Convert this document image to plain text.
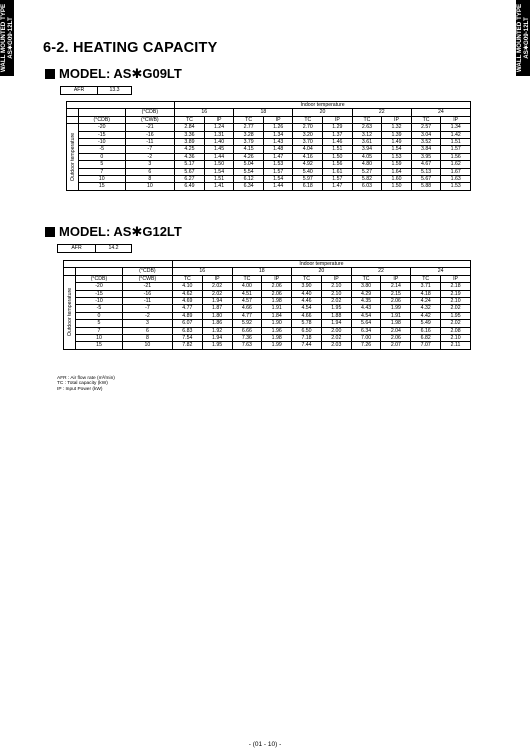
WALL MOUNTED TYPE AS✱G09-12LT	WALL MOUNTED TYPE AS✱G09-12LT
6-2. HEATING CAPACITY
MODEL: AS✱G09LT
AFR	13.3
			Indoor temperature									
		(°CDB)	16		18		20		22		24	
	(°CDB)	(°CWB)	TC	IP	TC	IP	TC	IP	TC	IP	TC	IP

Outdoor temperature	-20	-21	2.84	1.24	2.77	1.26	2.70	1.29	2.63	1.32	2.57	1.34
	-15	-16	3.36	1.31	3.28	1.34	3.20	1.37	3.12	1.39	3.04	1.42
	-10	-11	3.89	1.40	3.79	1.43	3.70	1.46	3.61	1.49	3.52	1.51
	-5	-7	4.25	1.45	4.15	1.48	4.04	1.51	3.94	1.54	3.84	1.57
	0	-2	4.36	1.44	4.26	1.47	4.16	1.50	4.05	1.53	3.95	1.56
	5	3	5.17	1.50	5.04	1.53	4.92	1.56	4.80	1.59	4.67	1.62
	7	6	5.67	1.54	5.54	1.57	5.40	1.61	5.27	1.64	5.13	1.67
	10	8	6.27	1.51	6.12	1.54	5.97	1.57	5.82	1.60	5.67	1.63
	15	10	6.49	1.41	6.34	1.44	6.18	1.47	6.03	1.50	5.88	1.53
MODEL: AS✱G12LT
AFR	14.2
			Indoor temperature									
		(°CDB)	16		18		20		22		24	

Outdoor temperature	(°CDB)	(°CWB)	TC	IP	TC	IP	TC	IP	TC	IP	TC	IP
	-20	-21	4.10	2.02	4.00	2.06	3.90	2.10	3.80	2.14	3.71	2.18
	-15	-16	4.62	2.02	4.51	2.06	4.40	2.10	4.29	2.15	4.18	2.19
	-10	-11	4.69	1.94	4.57	1.98	4.46	2.02	4.35	2.06	4.24	2.10
	-5	-7	4.77	1.87	4.66	1.91	4.54	1.95	4.43	1.99	4.32	2.02
	0	-2	4.89	1.80	4.77	1.84	4.66	1.88	4.54	1.91	4.42	1.95
	5	3	6.07	1.86	5.92	1.90	5.78	1.94	5.64	1.98	5.49	2.02
	7	6	6.83	1.92	6.66	1.96	6.50	2.00	6.34	2.04	6.16	2.08
	10	8	7.54	1.94	7.36	1.98	7.18	2.02	7.00	2.06	6.82	2.10
	15	10	7.82	1.95	7.63	1.99	7.44	2.03	7.26	2.07	7.07	2.11
AFR : Air flow rate (m³/min)
TC : Total capacity (kW)
IP : Input Power (kW)
- (01 - 10) -
